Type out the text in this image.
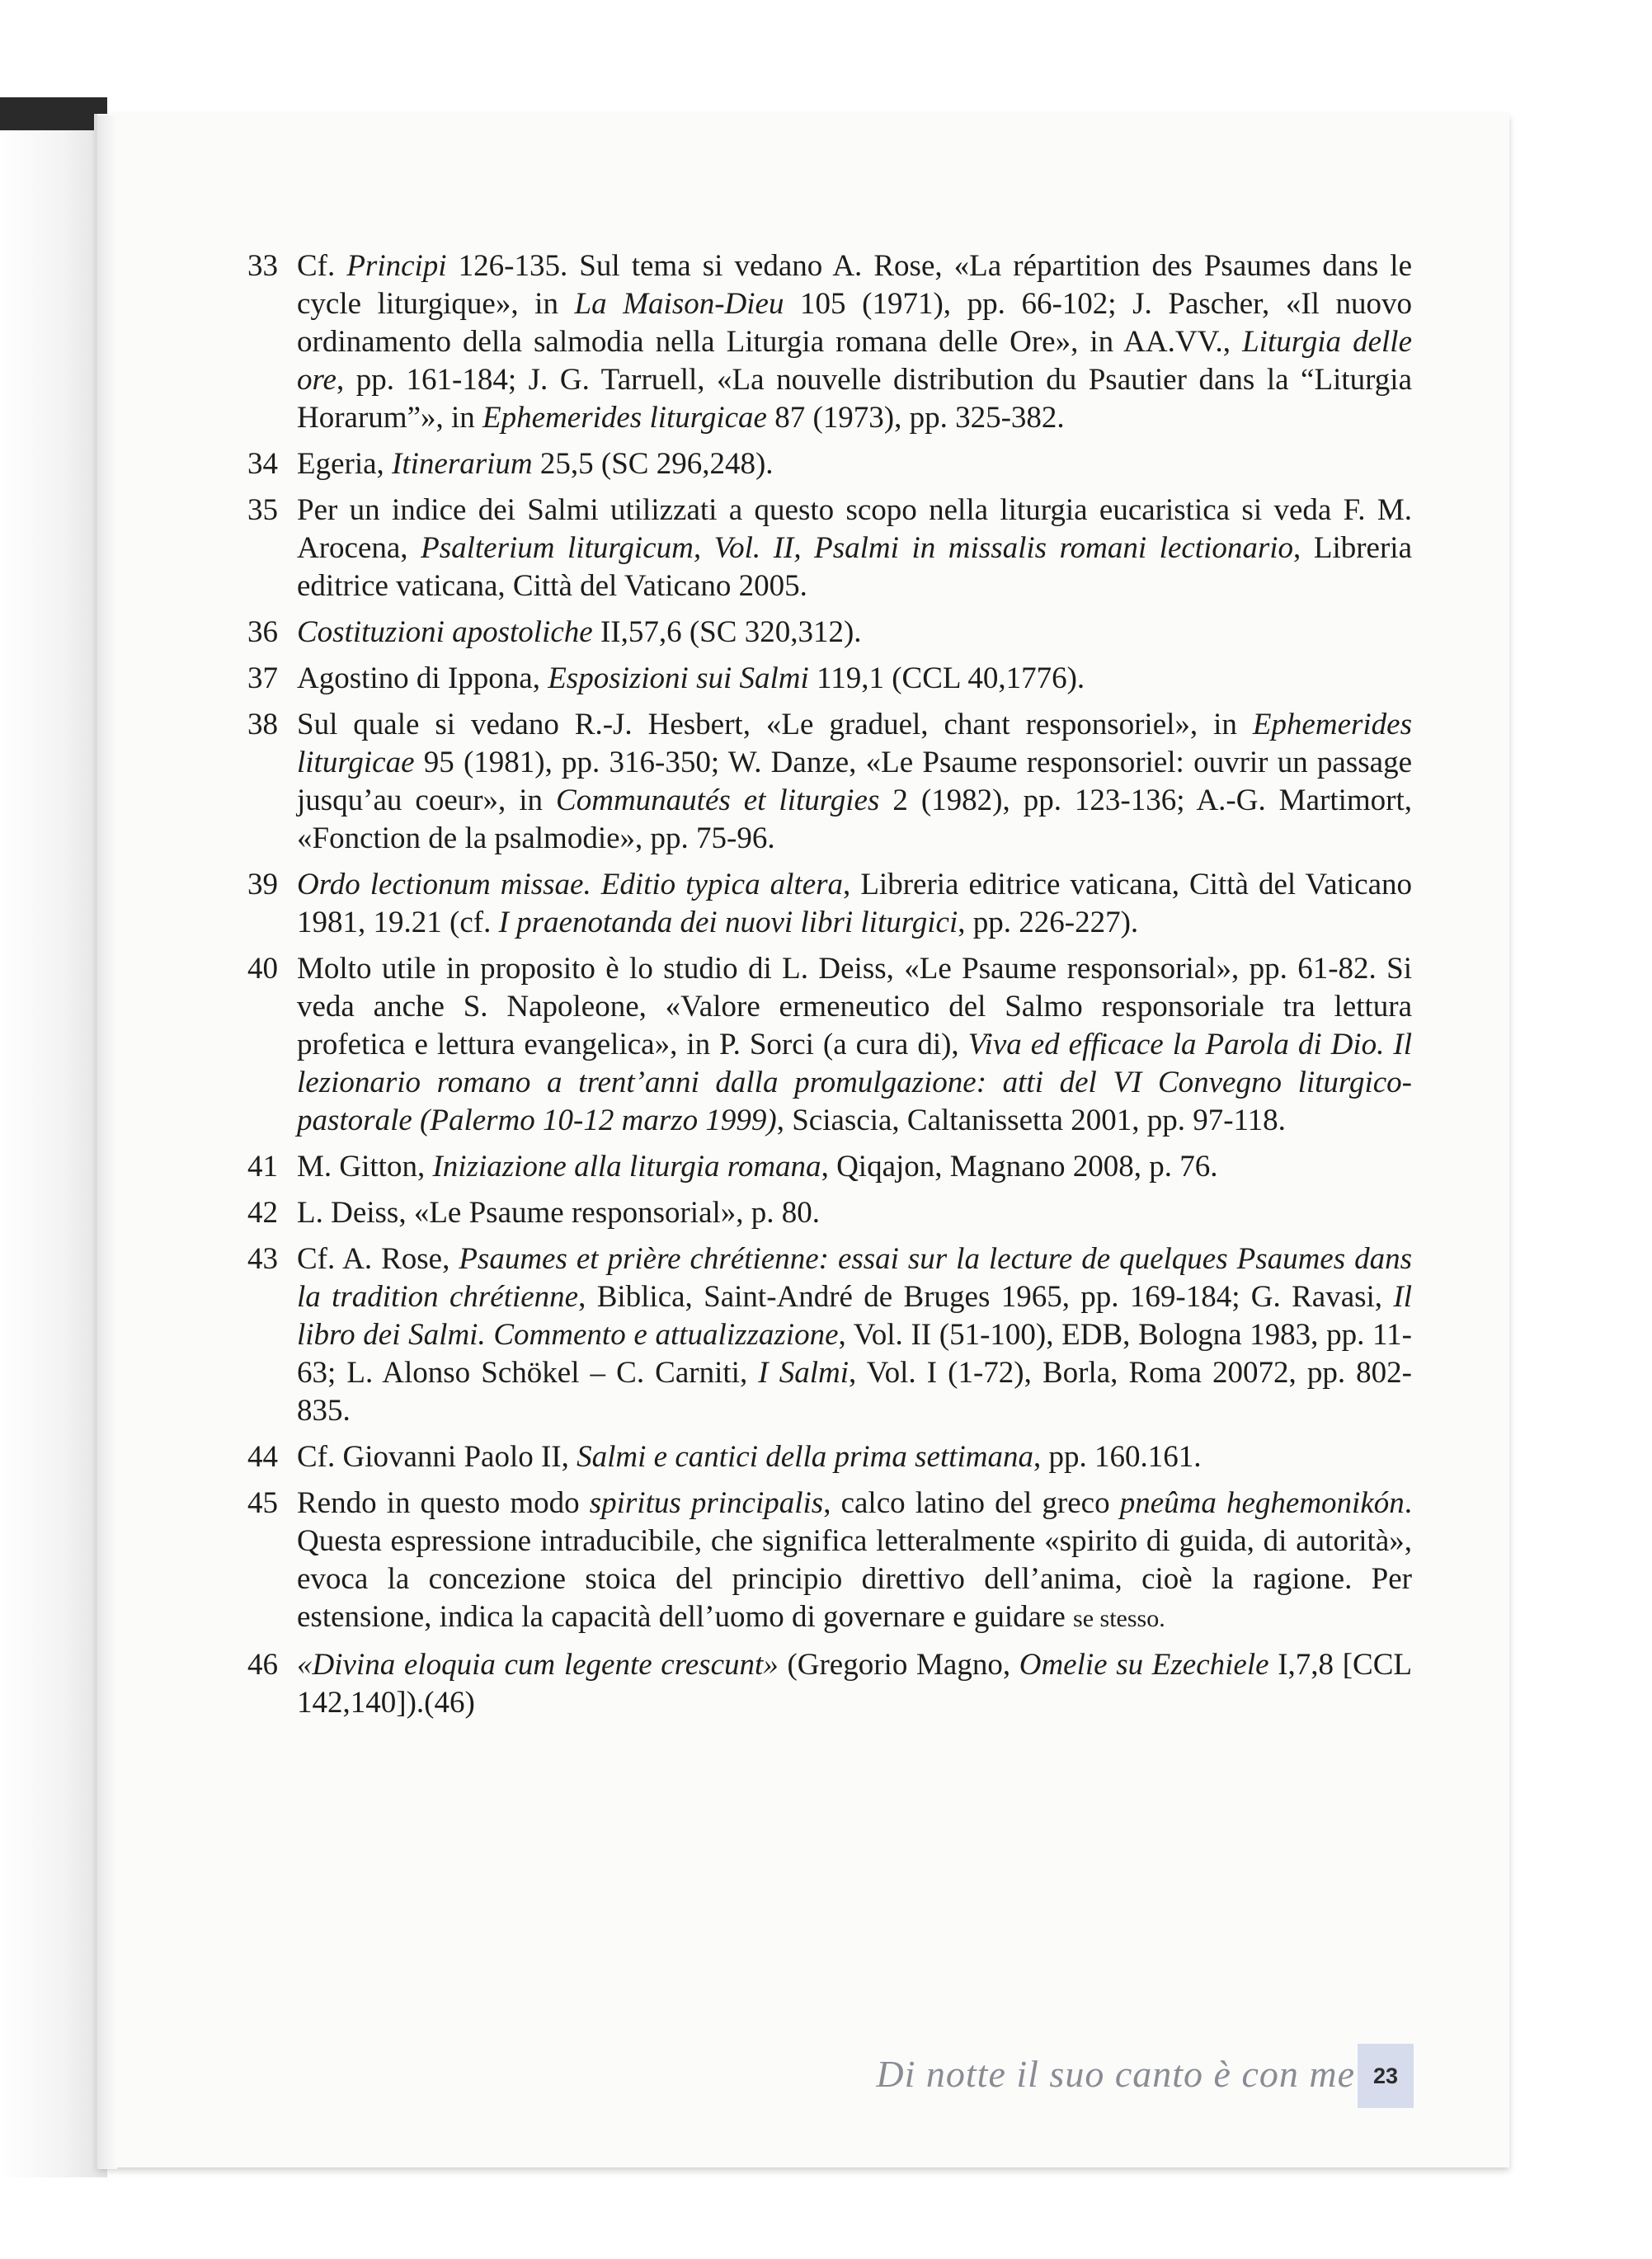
33 Cf. Principi 126-135. Sul tema si vedano A. Rose, «La répartition des Psaumes dans le cycle liturgique», in La Maison-Dieu 105 (1971), pp. 66-102; J. Pascher, «Il nuovo ordinamento della salmodia nella Liturgia romana delle Ore», in AA.VV., Liturgia delle ore, pp. 161-184; J. G. Tarruell, «La nouvelle distribution du Psautier dans la “Liturgia Horarum”», in Ephemerides liturgicae 87 (1973), pp. 325-382.
34 Egeria, Itinerarium 25,5 (SC 296,248).
35 Per un indice dei Salmi utilizzati a questo scopo nella liturgia eucaristica si veda F. M. Arocena, Psalterium liturgicum, Vol. II, Psalmi in missalis romani lectionario, Libreria editrice vaticana, Città del Vaticano 2005.
36 Costituzioni apostoliche II,57,6 (SC 320,312).
37 Agostino di Ippona, Esposizioni sui Salmi 119,1 (CCL 40,1776).
38 Sul quale si vedano R.-J. Hesbert, «Le graduel, chant responsoriel», in Ephemerides liturgicae 95 (1981), pp. 316-350; W. Danze, «Le Psaume responsoriel: ouvrir un passage jusqu’au coeur», in Communautés et liturgies 2 (1982), pp. 123-136; A.-G. Martimort, «Fonction de la psalmodie», pp. 75-96.
39 Ordo lectionum missae. Editio typica altera, Libreria editrice vaticana, Città del Vaticano 1981, 19.21 (cf. I praenotanda dei nuovi libri liturgici, pp. 226-227).
40 Molto utile in proposito è lo studio di L. Deiss, «Le Psaume responsorial», pp. 61-82. Si veda anche S. Napoleone, «Valore ermeneutico del Salmo responsoriale tra lettura profetica e lettura evangelica», in P. Sorci (a cura di), Viva ed efficace la Parola di Dio. Il lezionario romano a trent’anni dalla promulgazione: atti del VI Convegno liturgico-pastorale (Palermo 10-12 marzo 1999), Sciascia, Caltanissetta 2001, pp. 97-118.
41 M. Gitton, Iniziazione alla liturgia romana, Qiqajon, Magnano 2008, p. 76.
42 L. Deiss, «Le Psaume responsorial», p. 80.
43 Cf. A. Rose, Psaumes et prière chrétienne: essai sur la lecture de quelques Psaumes dans la tradition chrétienne, Biblica, Saint-André de Bruges 1965, pp. 169-184; G. Ravasi, Il libro dei Salmi. Commento e attualizzazione, Vol. II (51-100), EDB, Bologna 1983, pp. 11-63; L. Alonso Schökel – C. Carniti, I Salmi, Vol. I (1-72), Borla, Roma 20072, pp. 802-835.
44 Cf. Giovanni Paolo II, Salmi e cantici della prima settimana, pp. 160.161.
45 Rendo in questo modo spiritus principalis, calco latino del greco pneûma heghemonikón. Questa espressione intraducibile, che significa letteralmente «spirito di guida, di autorità», evoca la concezione stoica del principio direttivo dell’anima, cioè la ragione. Per estensione, indica la capacità dell’uomo di governare e guidare se stesso.
46 «Divina eloquia cum legente crescunt» (Gregorio Magno, Omelie su Ezechiele I,7,8 [CCL 142,140]).(46)
Di notte il suo canto è con me 23
